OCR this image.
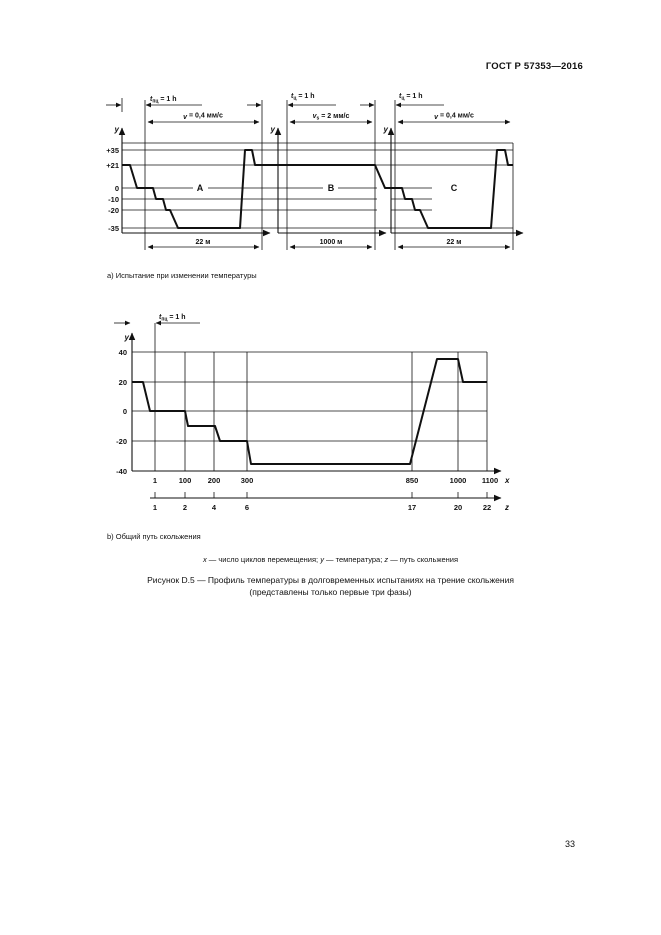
ГОСТ Р 57353—2016
у	у	у
+35
+21
0
-10
-20
-35
$t_{пц} = 1$ h	$t_ц = 1$ h	$t_ц = 1$ h
v = 0,4 мм/с	$v_s = 2$ мм/с	v = 0,4 мм/с
22 м	1000 м	22 м
А	В	С
а) Испытание при изменении температуры
у
$t_{пц} = 1$ h
40
20
0
-20
-40
1	100 200	300	850	1000 1100 x
1	2	4	6	17	20	22 z
b) Общий путь скольжения
x — число циклов перемещения; y — температура; z — путь скольжения
Рисунок D.5 — Профиль температуры в долговременных испытаниях на трение скольжения
(представлены только первые три фазы)
33
